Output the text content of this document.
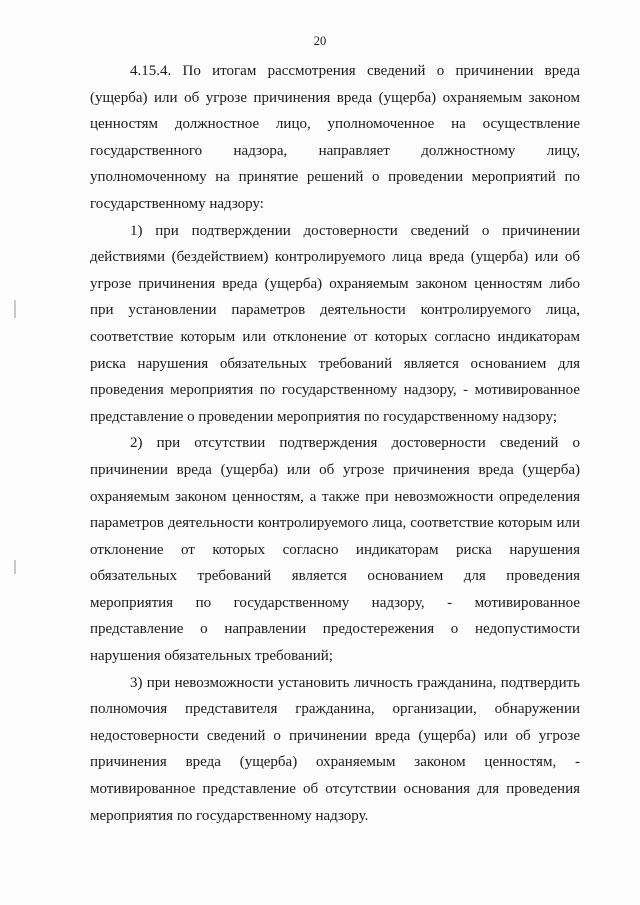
20

4.15.4. По итогам рассмотрения сведений о причинении вреда (ущерба) или об угрозе причинения вреда (ущерба) охраняемым законом ценностям должностное лицо, уполномоченное на осуществление государственного надзора, направляет должностному лицу, уполномоченному на принятие решений о проведении мероприятий по государственному надзору:

1) при подтверждении достоверности сведений о причинении действиями (бездействием) контролируемого лица вреда (ущерба) или об угрозе причинения вреда (ущерба) охраняемым законом ценностям либо при установлении параметров деятельности контролируемого лица, соответствие которым или отклонение от которых согласно индикаторам риска нарушения обязательных требований является основанием для проведения мероприятия по государственному надзору, - мотивированное представление о проведении мероприятия по государственному надзору;

2) при отсутствии подтверждения достоверности сведений о причинении вреда (ущерба) или об угрозе причинения вреда (ущерба) охраняемым законом ценностям, а также при невозможности определения параметров деятельности контролируемого лица, соответствие которым или отклонение от которых согласно индикаторам риска нарушения обязательных требований является основанием для проведения мероприятия по государственному надзору, - мотивированное представление о направлении предостережения о недопустимости нарушения обязательных требований;

3) при невозможности установить личность гражданина, подтвердить полномочия представителя гражданина, организации, обнаружении недостоверности сведений о причинении вреда (ущерба) или об угрозе причинения вреда (ущерба) охраняемым законом ценностям, - мотивированное представление об отсутствии основания для проведения мероприятия по государственному надзору.
